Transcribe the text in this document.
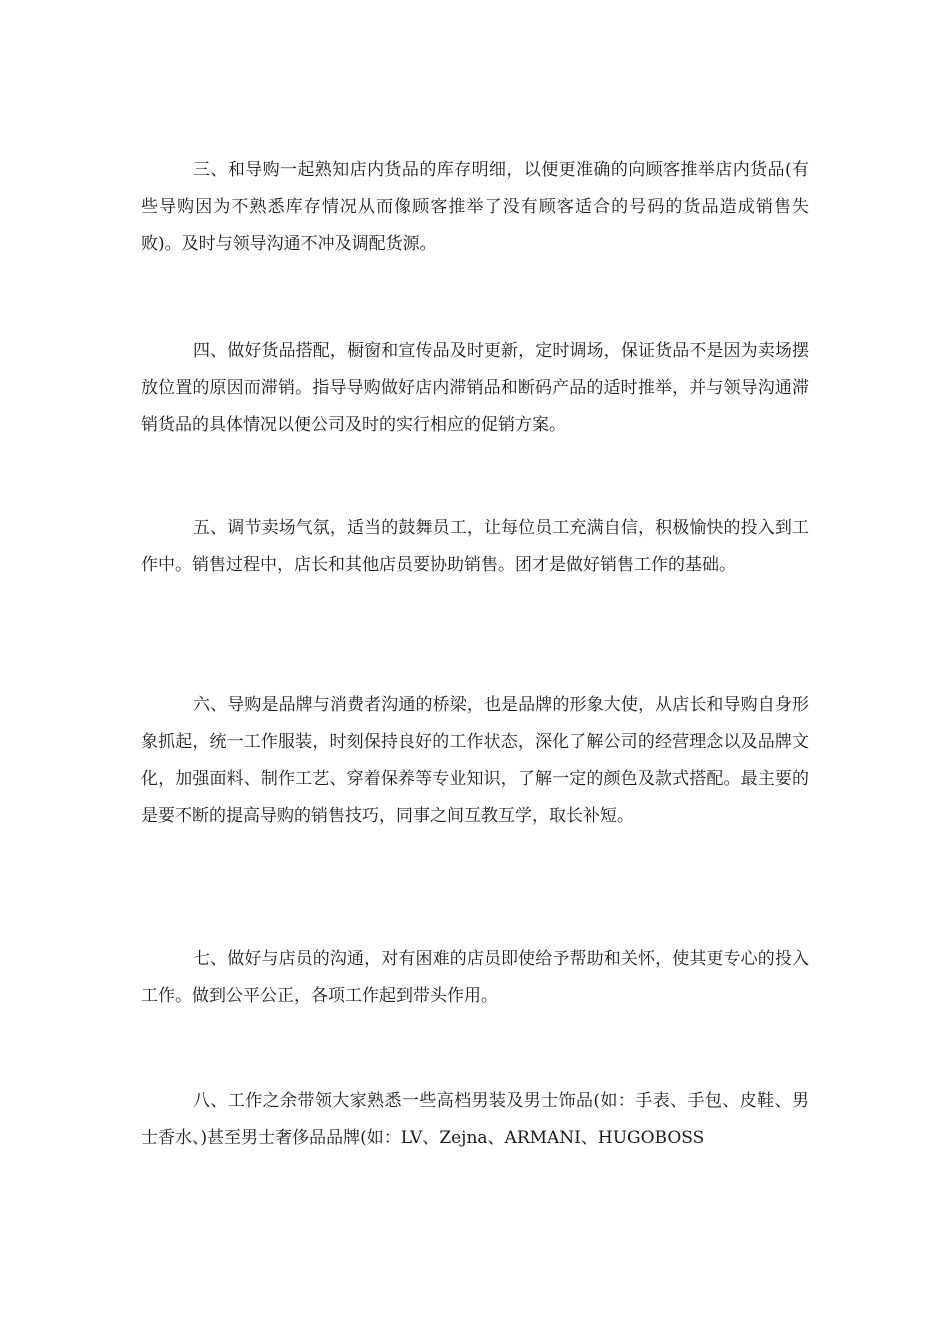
三、和导购一起熟知店内货品的库存明细，以便更准确的向顾客推举店内货品(有些导购因为不熟悉库存情况从而像顾客推举了没有顾客适合的号码的货品造成销售失败)。及时与领导沟通不冲及调配货源。

四、做好货品搭配，橱窗和宣传品及时更新，定时调场，保证货品不是因为卖场摆放位置的原因而滞销。指导导购做好店内滞销品和断码产品的适时推举，并与领导沟通滞销货品的具体情况以便公司及时的实行相应的促销方案。

五、调节卖场气氛，适当的鼓舞员工，让每位员工充满自信，积极愉快的投入到工作中。销售过程中，店长和其他店员要协助销售。团才是做好销售工作的基础。

六、导购是品牌与消费者沟通的桥梁，也是品牌的形象大使，从店长和导购自身形象抓起，统一工作服装，时刻保持良好的工作状态，深化了解公司的经营理念以及品牌文化，加强面料、制作工艺、穿着保养等专业知识，了解一定的颜色及款式搭配。最主要的是要不断的提高导购的销售技巧，同事之间互教互学，取长补短。

七、做好与店员的沟通，对有困难的店员即使给予帮助和关怀，使其更专心的投入工作。做到公平公正，各项工作起到带头作用。

八、工作之余带领大家熟悉一些高档男装及男士饰品(如：手表、手包、皮鞋、男士香水、)甚至男士奢侈品品牌(如：LV、Zejna、ARMANI、HUGOBOSS
